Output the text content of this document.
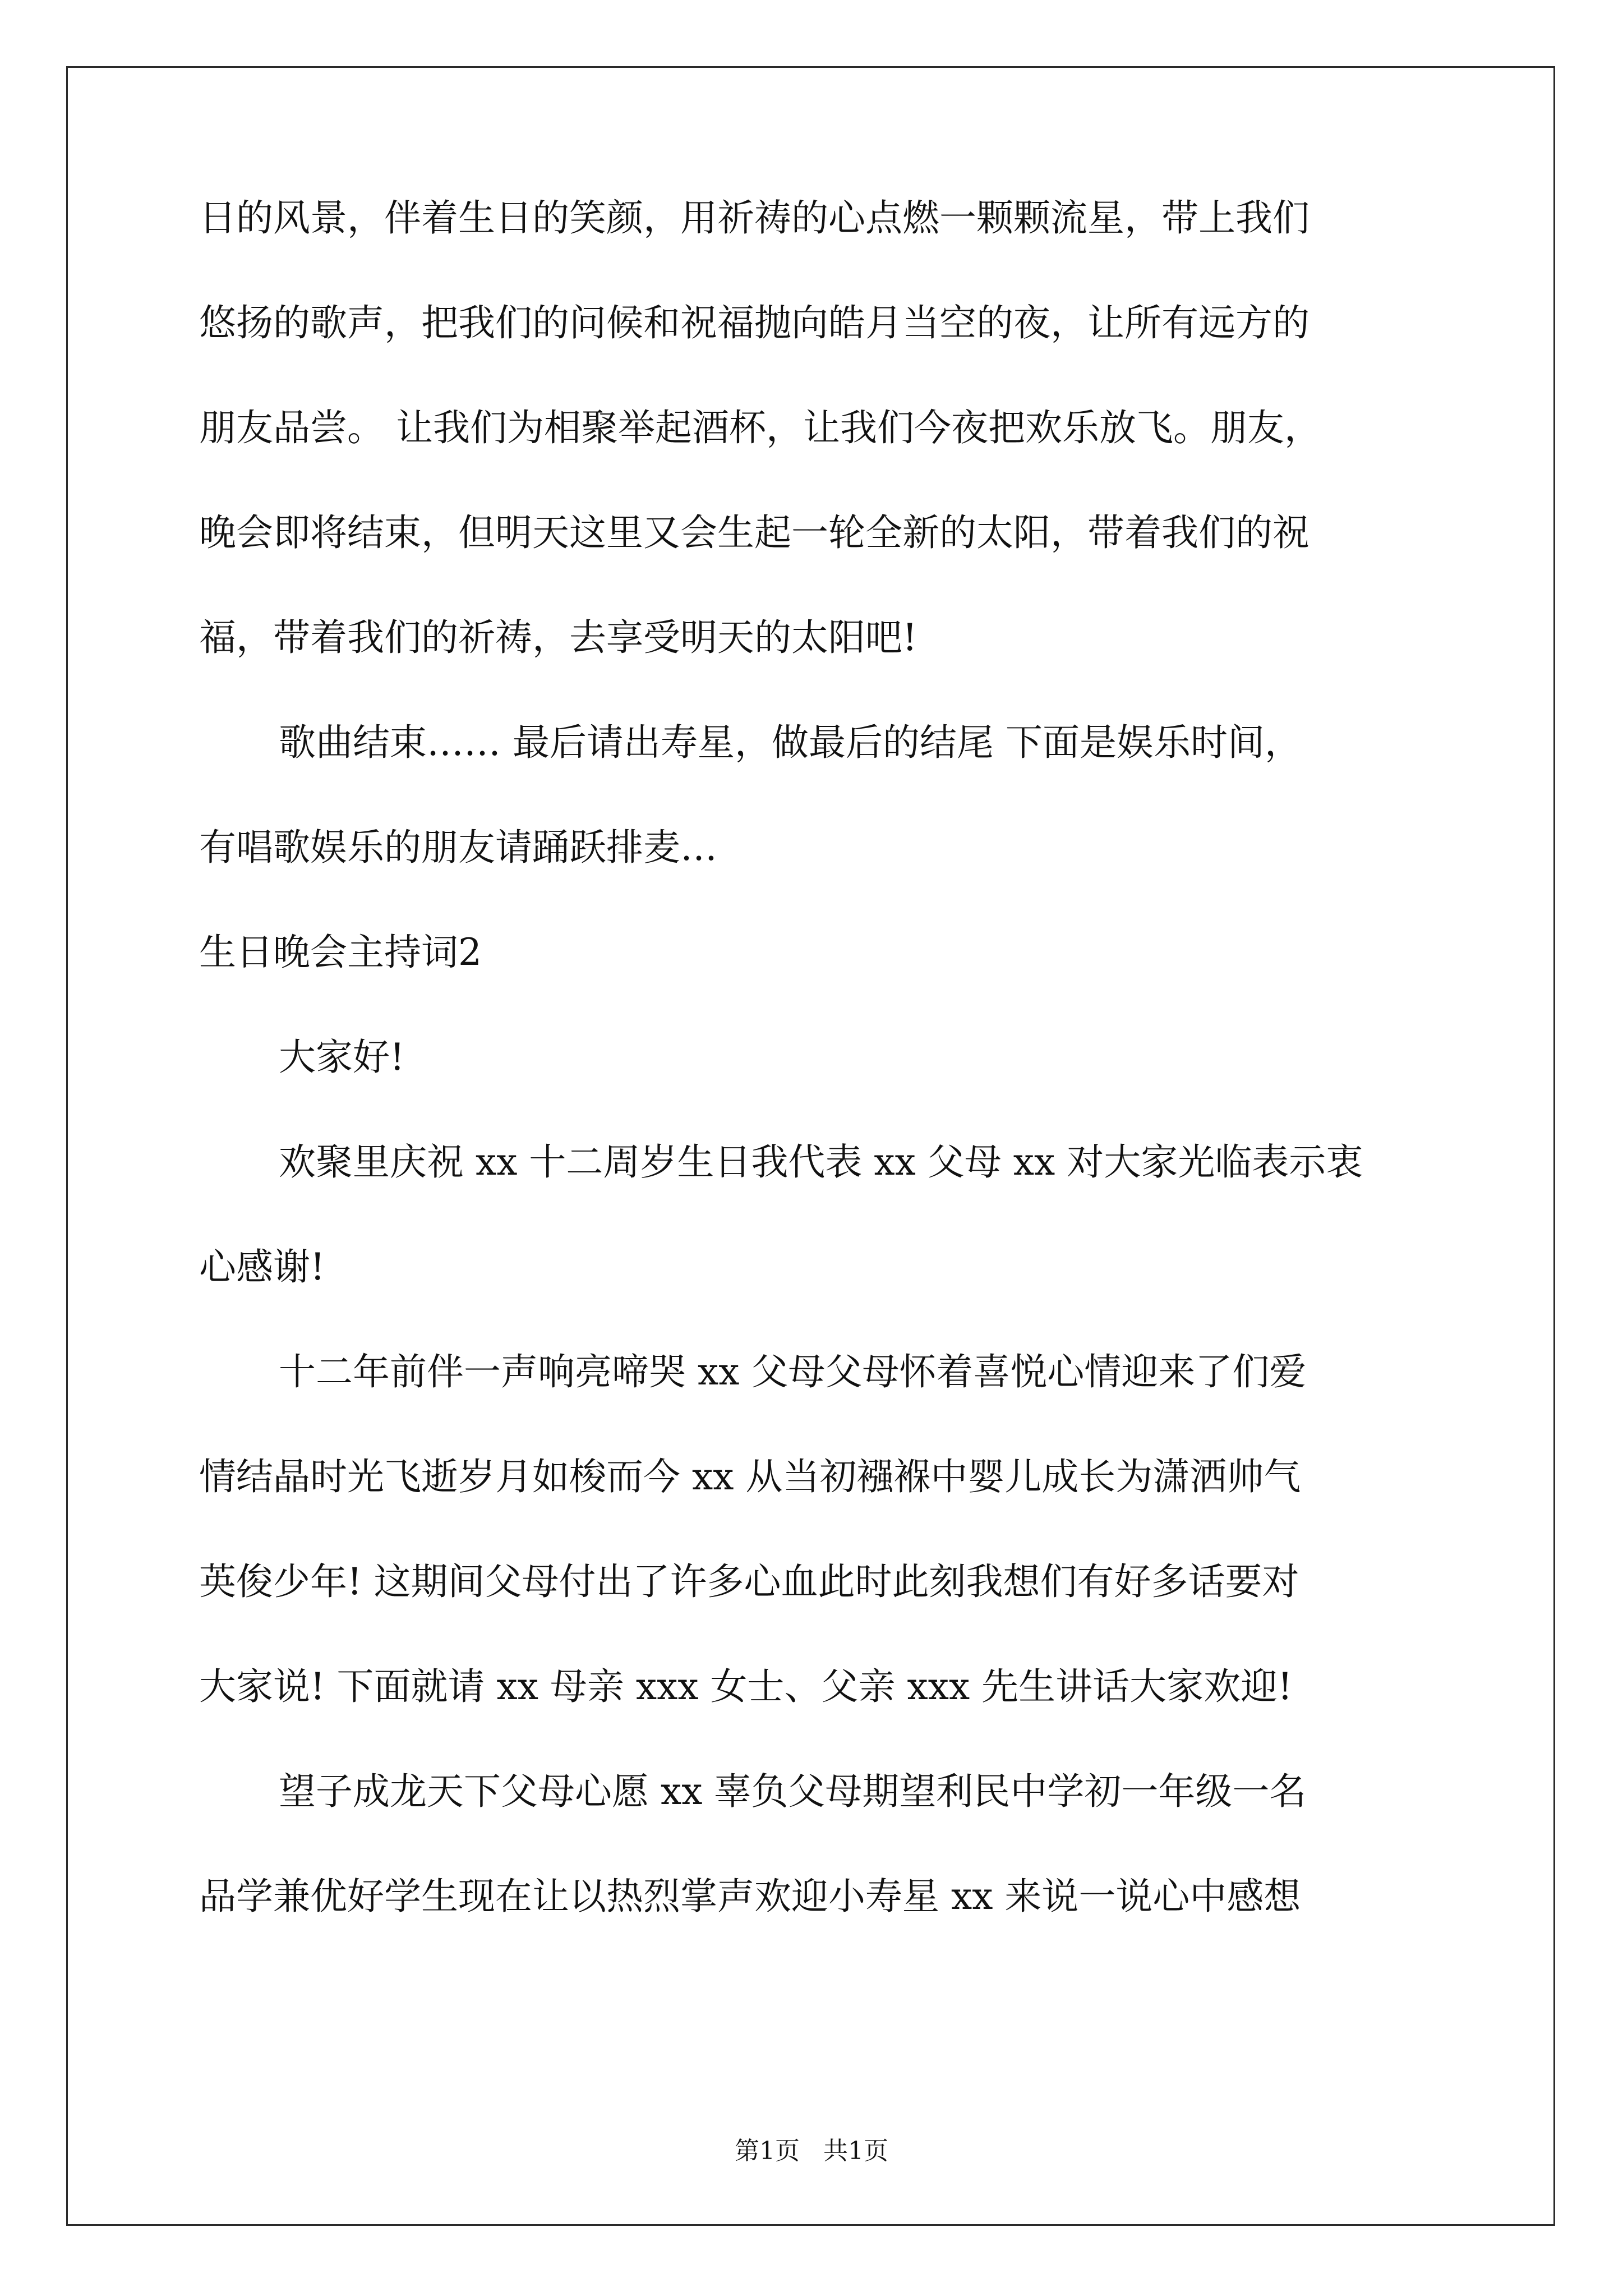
日的风景，伴着生日的笑颜，用祈祷的心点燃一颗颗流星，带上我们
悠扬的歌声，把我们的问候和祝福抛向皓月当空的夜，让所有远方的
朋友品尝。 让我们为相聚举起酒杯，让我们今夜把欢乐放飞。朋友，
晚会即将结束，但明天这里又会生起一轮全新的太阳，带着我们的祝
福，带着我们的祈祷，去享受明天的太阳吧!
歌曲结束…… 最后请出寿星，做最后的结尾 下面是娱乐时间，
有唱歌娱乐的朋友请踊跃排麦…
生日晚会主持词2
大家好!
欢聚里庆祝 xx 十二周岁生日我代表 xx 父母 xx 对大家光临表示衷
心感谢!
十二年前伴一声响亮啼哭 xx 父母父母怀着喜悦心情迎来了们爱
情结晶时光飞逝岁月如梭而今 xx 从当初襁褓中婴儿成长为潇洒帅气
英俊少年! 这期间父母付出了许多心血此时此刻我想们有好多话要对
大家说! 下面就请 xx 母亲 xxx 女士、父亲 xxx 先生讲话大家欢迎!
望子成龙天下父母心愿 xx 辜负父母期望利民中学初一年级一名
品学兼优好学生现在让以热烈掌声欢迎小寿星 xx 来说一说心中感想
第1页   共1页
